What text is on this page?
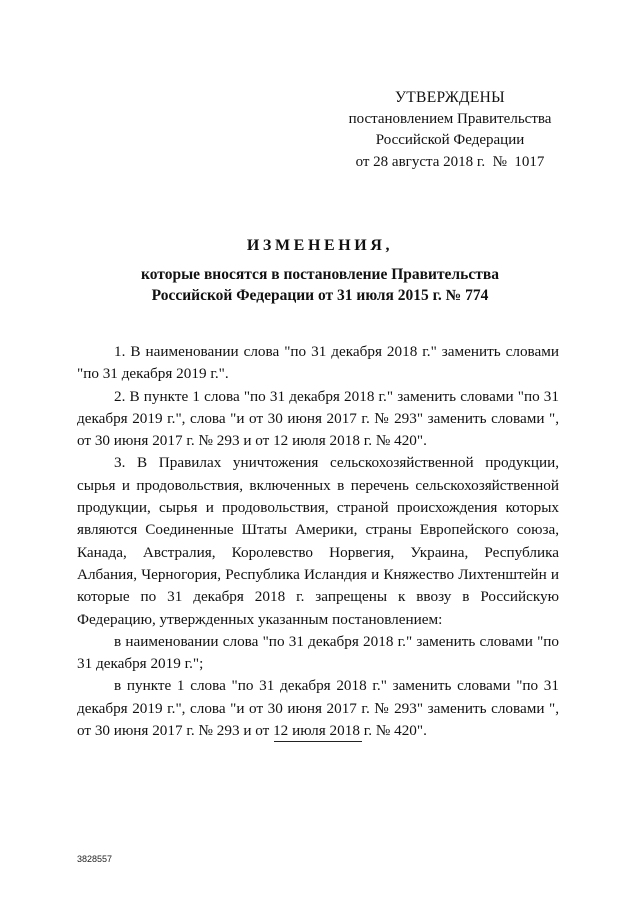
УТВЕРЖДЕНЫ
постановлением Правительства
Российской Федерации
от 28 августа 2018 г.  №  1017
ИЗМЕНЕНИЯ,
которые вносятся в постановление Правительства
Российской Федерации от 31 июля 2015 г. № 774

1. В наименовании слова "по 31 декабря 2018 г." заменить словами "по 31 декабря 2019 г.".

2. В пункте 1 слова "по 31 декабря 2018 г." заменить словами "по 31 декабря 2019 г.", слова "и от 30 июня 2017 г. № 293" заменить словами ", от 30 июня 2017 г. № 293 и от 12 июля 2018 г. № 420".

3. В Правилах уничтожения сельскохозяйственной продукции, сырья и продовольствия, включенных в перечень сельскохозяйственной продукции, сырья и продовольствия, страной происхождения которых являются Соединенные Штаты Америки, страны Европейского союза, Канада, Австралия, Королевство Норвегия, Украина, Республика Албания, Черногория, Республика Исландия и Княжество Лихтенштейн и которые по 31 декабря 2018 г. запрещены к ввозу в Российскую Федерацию, утвержденных указанным постановлением:

в наименовании слова "по 31 декабря 2018 г." заменить словами "по 31 декабря 2019 г.";

в пункте 1 слова "по 31 декабря 2018 г." заменить словами "по 31 декабря 2019 г.", слова "и от 30 июня 2017 г. № 293" заменить словами ", от 30 июня 2017 г. № 293 и от 12 июля 2018 г. № 420".

3828557
